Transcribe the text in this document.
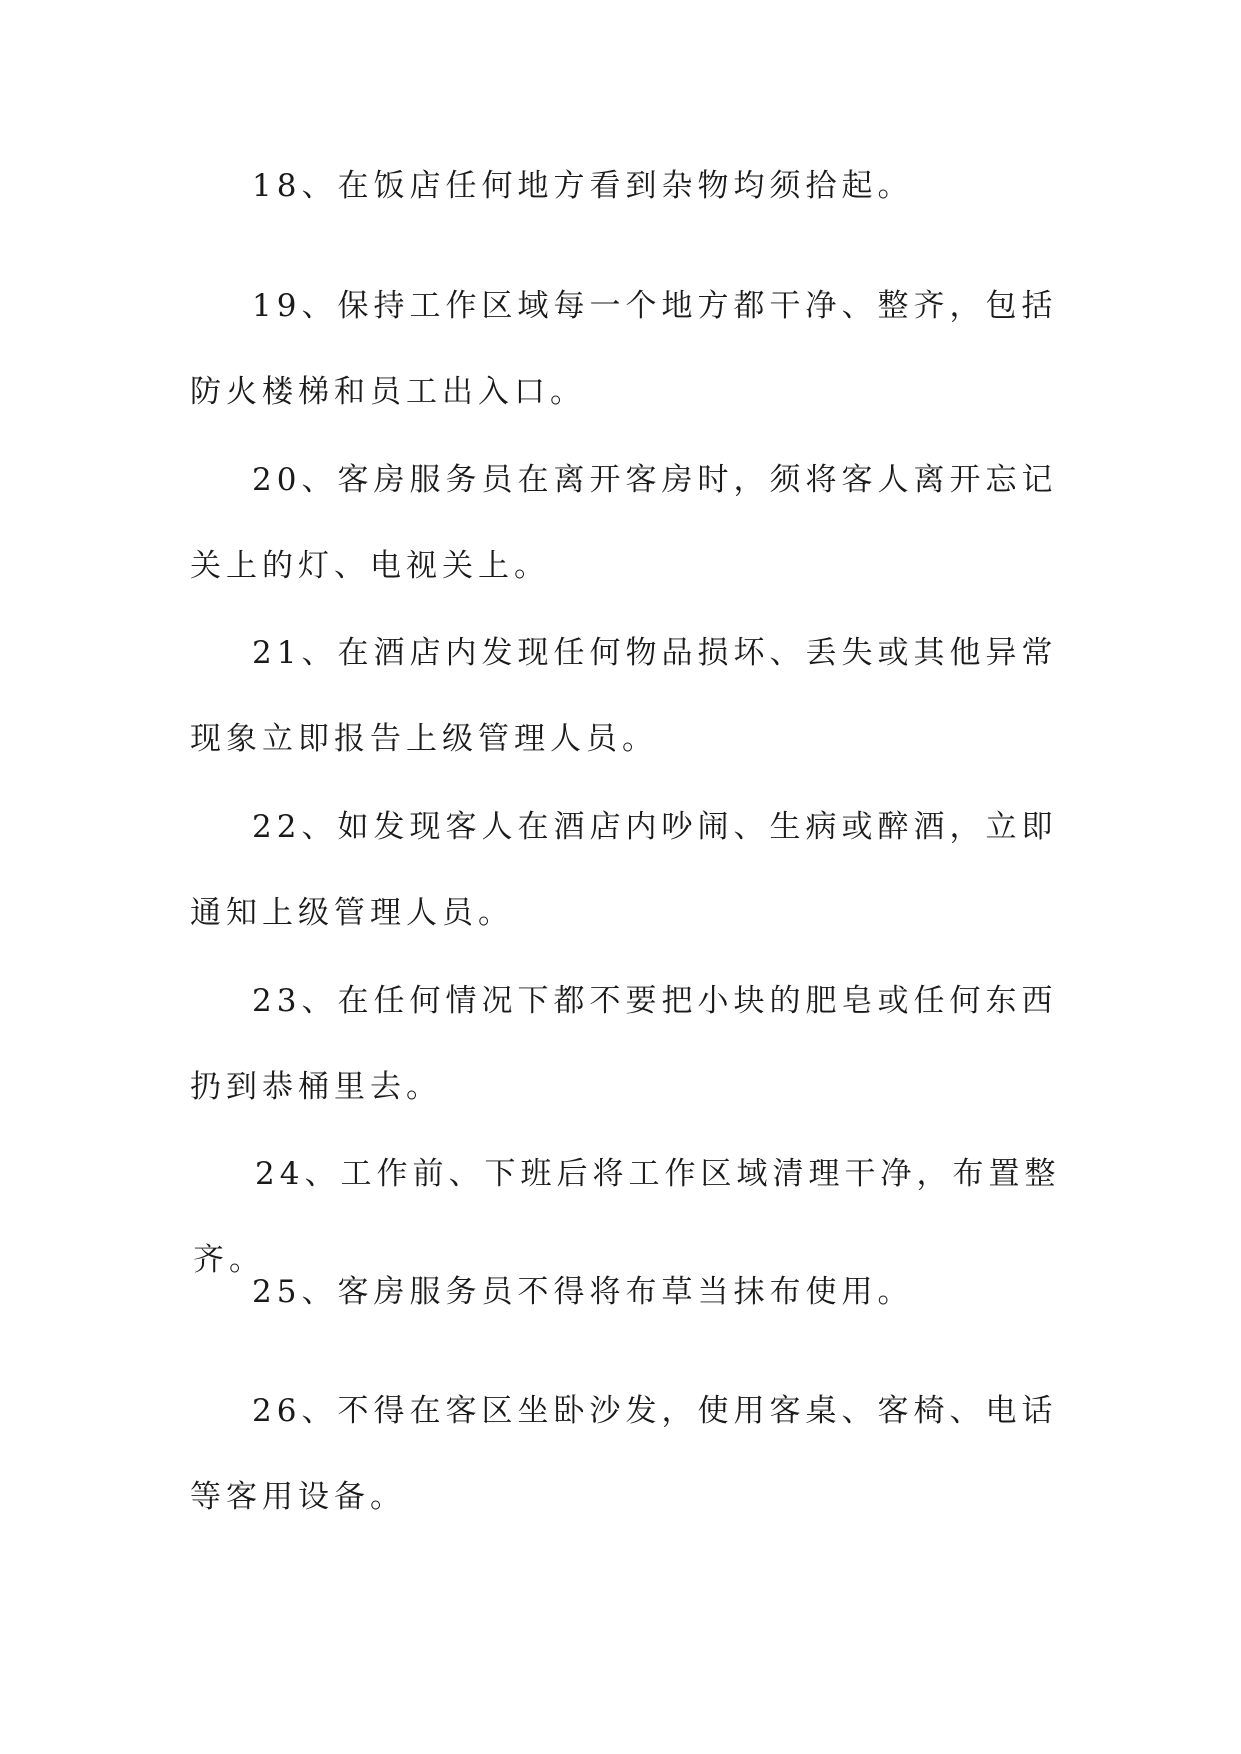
18、在饭店任何地方看到杂物均须拾起。

19、保持工作区域每一个地方都干净、整齐，包括防火楼梯和员工出入口。

20、客房服务员在离开客房时，须将客人离开忘记关上的灯、电视关上。

21、在酒店内发现任何物品损坏、丢失或其他异常现象立即报告上级管理人员。

22、如发现客人在酒店内吵闹、生病或醉酒，立即通知上级管理人员。

23、在任何情况下都不要把小块的肥皂或任何东西扔到恭桶里去。

24、工作前、下班后将工作区域清理干净，布置整齐。

25、客房服务员不得将布草当抹布使用。

26、不得在客区坐卧沙发，使用客桌、客椅、电话等客用设备。
